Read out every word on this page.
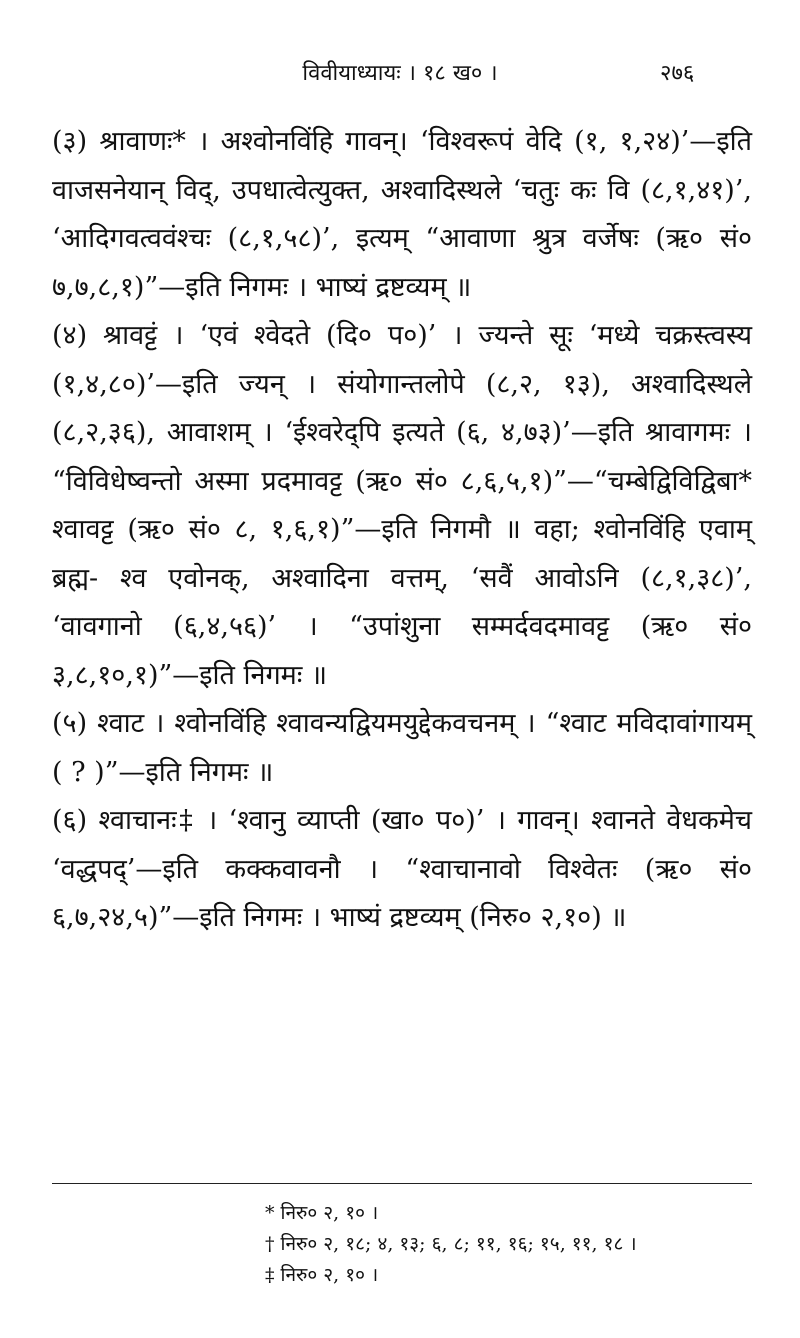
विवीयाध्यायः । १८ ख० ।	२७६

(३) श्रावाणः* । अश्वोनविंहि गावन्। ‘विश्वरूपं वेदि (१, १,२४)’—इति वाजसनेयान् विद्, उपधात्वेत्युक्त, अश्वादिस्थले ‘चतुः कः वि (८,१,४१)’, ‘आदिगवत्ववंश्चः (८,१,५८)’, इत्यम् “आवाणा श्रुत्र वर्जेषः (ऋ० सं० ७,७,८,१)”—इति निगमः । भाष्यं द्रष्टव्यम् ॥

(४) श्रावट्टं । ‘एवं श्वेदते (दि० प०)’ । ज्यन्ते सूः ‘मध्ये चक्रस्त्वस्य (१,४,८०)’—इति ज्यन् । संयोगान्तलोपे (८,२, १३), अश्वादिस्थले (८,२,३६), आवाशम् । ‘ईश्वरेद्पि इत्यते (६, ४,७३)’—इति श्रावागमः । “विविधेष्वन्तो अस्मा प्रदमावट्ट (ऋ० सं० ८,६,५,१)”—“चम्बेद्विविद्विबा* श्वावट्ट (ऋ० सं० ८, १,६,१)”—इति निगमौ ॥ वहा; श्वोनविंहि एवाम् ब्रह्म- श्व एवोनक्, अश्वादिना वत्तम्, ‘सवैं आवोऽनि (८,१,३८)’, ‘वावगानो (६,४,५६)’ । “उपांशुना सम्मर्दवदमावट्ट (ऋ० सं० ३,८,१०,१)”—इति निगमः ॥

(५) श्वाट । श्वोनविंहि श्वावन्यद्वियमयुद्देकवचनम् । “श्वाट मविदावांगायम् ( ? )”—इति निगमः ॥

(६) श्वाचानः‡ । ‘श्वानु व्याप्ती (खा० प०)’ । गावन्। श्वानते वेधकमेच ‘वद्धपद्’—इति कक्कवावनौ । “श्वाचानावो विश्वेतः (ऋ० सं० ६,७,२४,५)”—इति निगमः । भाष्यं द्रष्टव्यम् (निरु० २,१०) ॥

* निरु० २, १० ।

† निरु० २, १८; ४, १३; ६, ८; ११, १६; १५, ११, १८ ।

‡ निरु० २, १० ।
